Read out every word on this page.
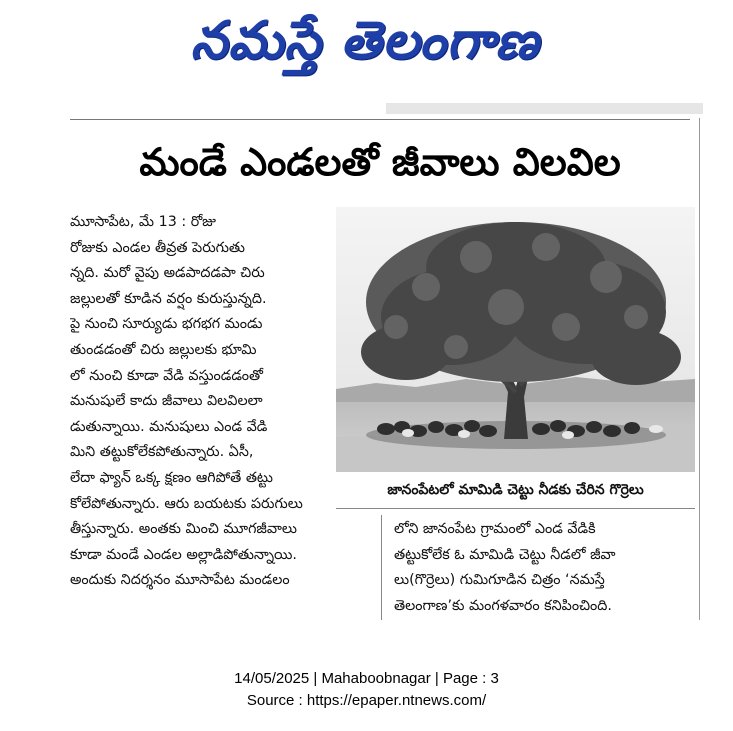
నమస్తే తెలంగాణ
మండే ఎండలతో జీవాలు విలవిల
మూసాపేట, మే 13 : రోజు
రోజుకు ఎండల తీవ్రత పెరుగుతు
న్నది. మరో వైపు అడపాదడపా చిరు
జల్లులతో కూడిన వర్షం కురుస్తున్నది.
పై నుంచి సూర్యుడు భగభగ మండు
తుండడంతో చిరు జల్లులకు భూమి
లో నుంచి కూడా వేడి వస్తుండడంతో
మనుషులే కాదు జీవాలు విలవిలలా
డుతున్నాయి. మనుషులు ఎండ వేడి
మిని తట్టుకోలేకపోతున్నారు. ఏసీ,
లేదా ఫ్యాన్ ఒక్క క్షణం ఆగిపోతే తట్టు
కోలేపోతున్నారు. ఆరు బయటకు పరుగులు
తీస్తున్నారు. అంతకు మించి మూగజీవాలు
కూడా మండే ఎండల అల్లాడిపోతున్నాయి.
అందుకు నిదర్శనం మూసాపేట మండలం
జానంపేటలో మామిడి చెట్టు నీడకు చేరిన గొర్రెలు
లోని జానంపేట గ్రామంలో ఎండ వేడికి
తట్టుకోలేక ఓ మామిడి చెట్టు నీడలో జీవా
లు(గొర్రెలు) గుమిగూడిన చిత్రం ‘నమస్తే
తెలంగాణ’కు మంగళవారం కనిపించింది.
14/05/2025 | Mahaboobnagar | Page : 3
Source : https://epaper.ntnews.com/
